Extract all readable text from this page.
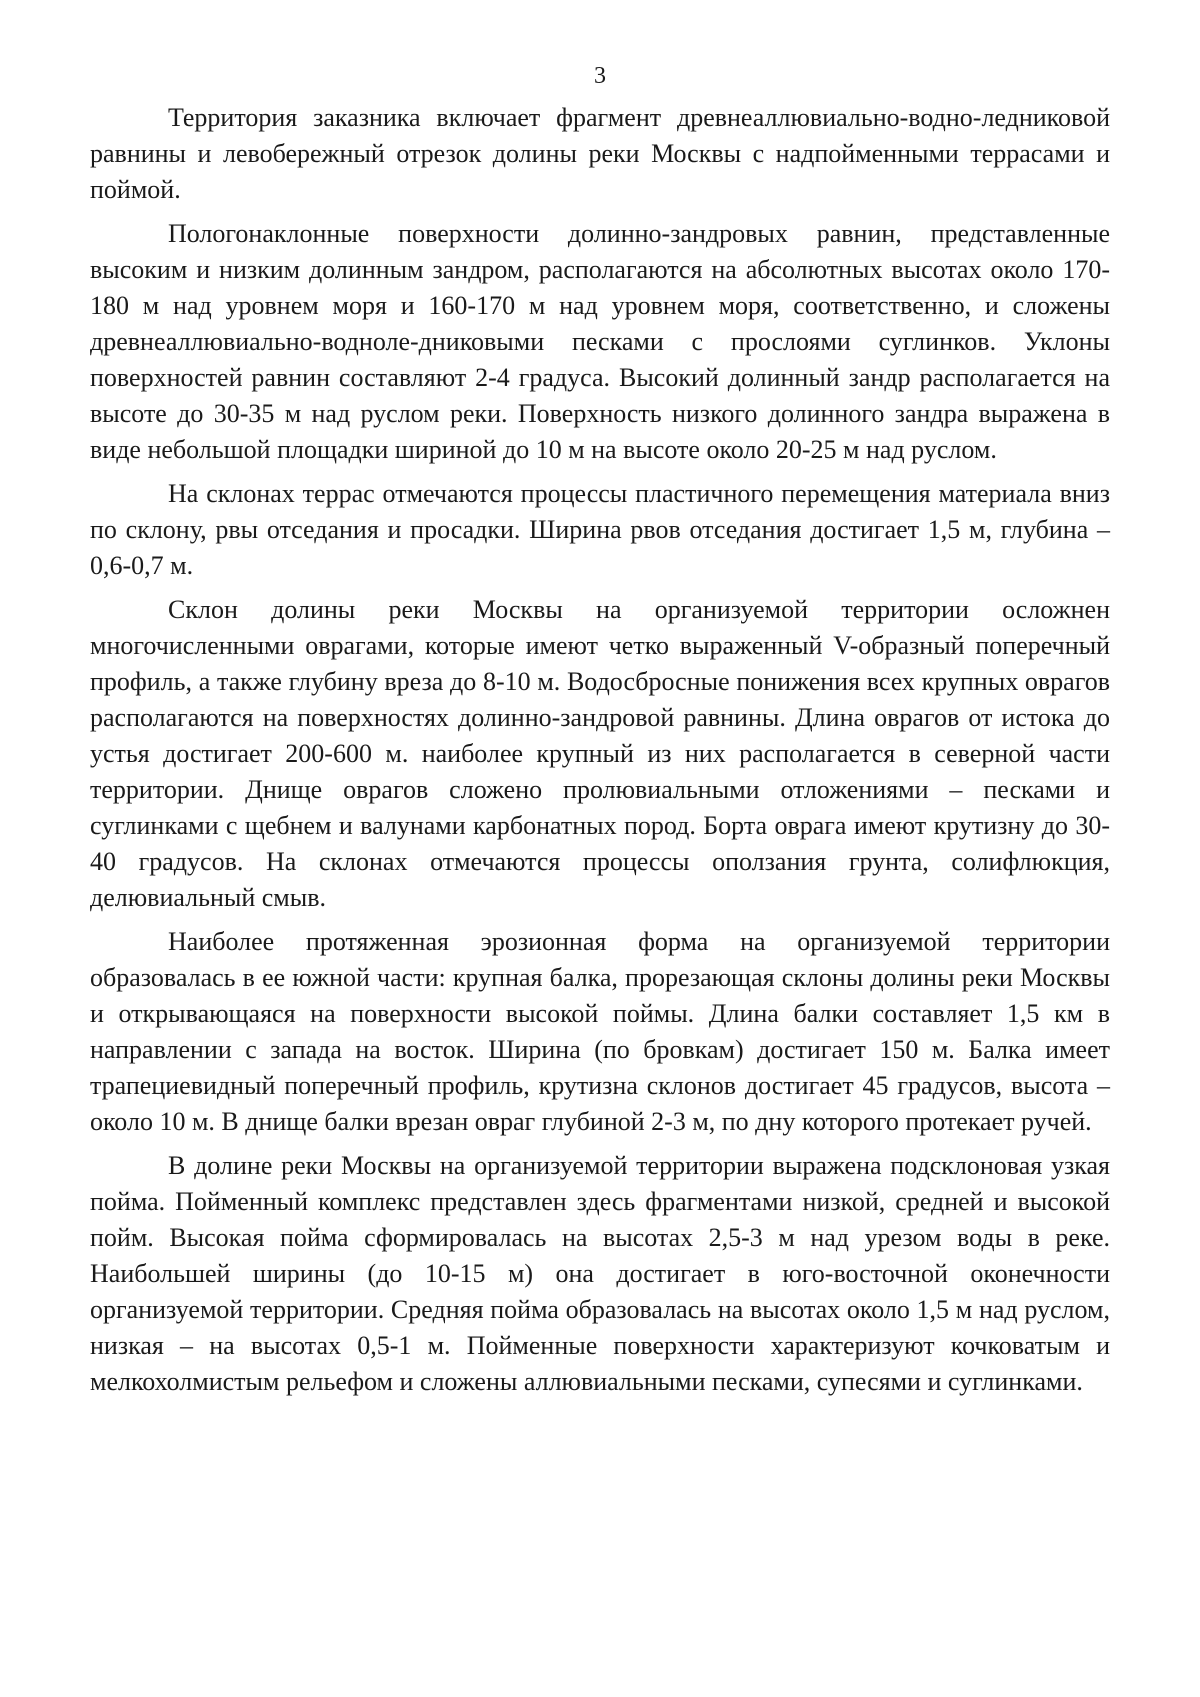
3

Территория заказника включает фрагмент древнеаллювиально-водно-ледниковой равнины и левобережный отрезок долины реки Москвы с надпойменными террасами и поймой.

Пологонаклонные поверхности долинно-зандровых равнин, представленные высоким и низким долинным зандром, располагаются на абсолютных высотах около 170-180 м над уровнем моря и 160-170 м над уровнем моря, соответственно, и сложены древнеаллювиально-водноле-дниковыми песками с прослоями суглинков. Уклоны поверхностей равнин составляют 2-4 градуса. Высокий долинный зандр располагается на высоте до 30-35 м над руслом реки. Поверхность низкого долинного зандра выражена в виде небольшой площадки шириной до 10 м на высоте около 20-25 м над руслом.

На склонах террас отмечаются процессы пластичного перемещения материала вниз по склону, рвы отседания и просадки. Ширина рвов отседания достигает 1,5 м, глубина – 0,6-0,7 м.

Склон долины реки Москвы на организуемой территории осложнен многочисленными оврагами, которые имеют четко выраженный V-образный поперечный профиль, а также глубину вреза до 8-10 м. Водосбросные понижения всех крупных оврагов располагаются на поверхностях долинно-зандровой равнины. Длина оврагов от истока до устья достигает 200-600 м. наиболее крупный из них располагается в северной части территории. Днище оврагов сложено пролювиальными отложениями – песками и суглинками с щебнем и валунами карбонатных пород. Борта оврага имеют крутизну до 30-40 градусов. На склонах отмечаются процессы оползания грунта, солифлюкция, делювиальный смыв.

Наиболее протяженная эрозионная форма на организуемой территории образовалась в ее южной части: крупная балка, прорезающая склоны долины реки Москвы и открывающаяся на поверхности высокой поймы. Длина балки составляет 1,5 км в направлении с запада на восток. Ширина (по бровкам) достигает 150 м. Балка имеет трапециевидный поперечный профиль, крутизна склонов достигает 45 градусов, высота – около 10 м. В днище балки врезан овраг глубиной 2-3 м, по дну которого протекает ручей.

В долине реки Москвы на организуемой территории выражена подсклоновая узкая пойма. Пойменный комплекс представлен здесь фрагментами низкой, средней и высокой пойм. Высокая пойма сформировалась на высотах 2,5-3 м над урезом воды в реке. Наибольшей ширины (до 10-15 м) она достигает в юго-восточной оконечности организуемой территории. Средняя пойма образовалась на высотах около 1,5 м над руслом, низкая – на высотах 0,5-1 м. Пойменные поверхности характеризуют кочковатым и мелкохолмистым рельефом и сложены аллювиальными песками, супесями и суглинками.
